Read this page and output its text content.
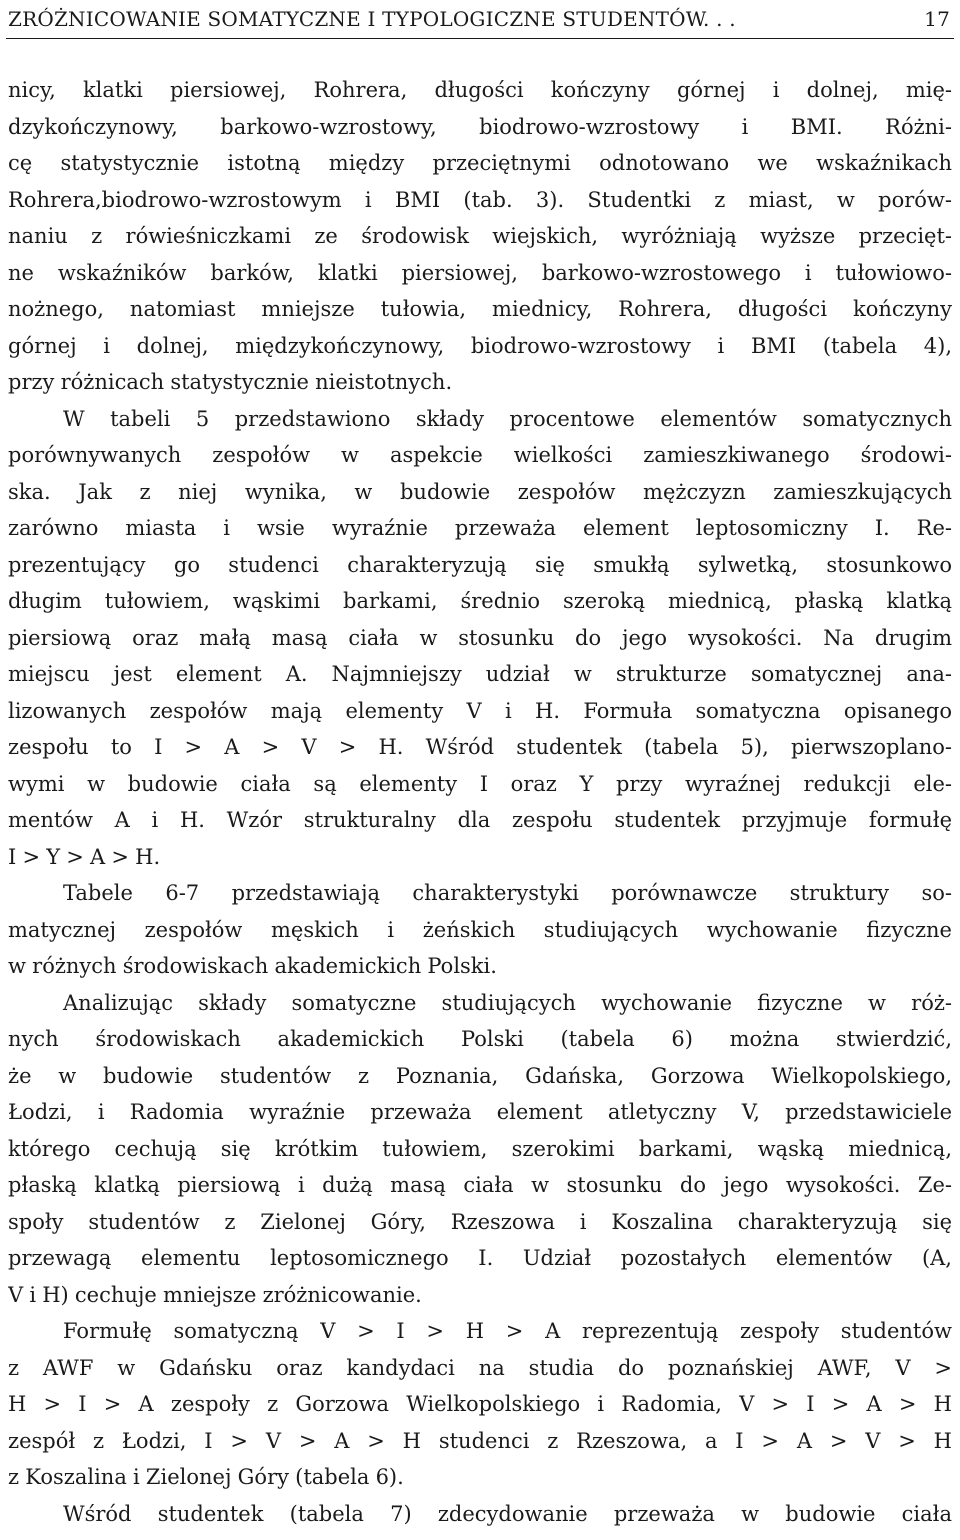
ZRÓŻNICOWANIE SOMATYCZNE I TYPOLOGICZNE STUDENTÓW. . .	17
nicy, klatki piersiowej, Rohrera, długości kończyny górnej i dolnej, mię-
dzykończynowy, barkowo-wzrostowy, biodrowo-wzrostowy i BMI. Różni-
cę statystycznie istotną między przeciętnymi odnotowano we wskaźnikach
Rohrera,biodrowo-wzrostowym i BMI (tab. 3). Studentki z miast, w porów-
naniu z rówieśniczkami ze środowisk wiejskich, wyróżniają wyższe przecięt-
ne wskaźników barków, klatki piersiowej, barkowo-wzrostowego i tułowiowo-
nożnego, natomiast mniejsze tułowia, miednicy, Rohrera, długości kończyny
górnej i dolnej, międzykończynowy, biodrowo-wzrostowy i BMI (tabela 4),
przy różnicach statystycznie nieistotnych.
W tabeli 5 przedstawiono składy procentowe elementów somatycznych
porównywanych zespołów w aspekcie wielkości zamieszkiwanego środowi-
ska. Jak z niej wynika, w budowie zespołów mężczyzn zamieszkujących
zarówno miasta i wsie wyraźnie przeważa element leptosomiczny I. Re-
prezentujący go studenci charakteryzują się smukłą sylwetką, stosunkowo
długim tułowiem, wąskimi barkami, średnio szeroką miednicą, płaską klatką
piersiową oraz małą masą ciała w stosunku do jego wysokości. Na drugim
miejscu jest element A. Najmniejszy udział w strukturze somatycznej ana-
lizowanych zespołów mają elementy V i H. Formuła somatyczna opisanego
zespołu to I > A > V > H. Wśród studentek (tabela 5), pierwszoplano-
wymi w budowie ciała są elementy I oraz Y przy wyraźnej redukcji ele-
mentów A i H. Wzór strukturalny dla zespołu studentek przyjmuje formułę
I > Y > A > H.
Tabele 6-7 przedstawiają charakterystyki porównawcze struktury so-
matycznej zespołów męskich i żeńskich studiujących wychowanie fizyczne
w różnych środowiskach akademickich Polski.
Analizując składy somatyczne studiujących wychowanie fizyczne w róż-
nych środowiskach akademickich Polski (tabela 6) można stwierdzić,
że w budowie studentów z Poznania, Gdańska, Gorzowa Wielkopolskiego,
Łodzi, i Radomia wyraźnie przeważa element atletyczny V, przedstawiciele
którego cechują się krótkim tułowiem, szerokimi barkami, wąską miednicą,
płaską klatką piersiową i dużą masą ciała w stosunku do jego wysokości. Ze-
społy studentów z Zielonej Góry, Rzeszowa i Koszalina charakteryzują się
przewagą elementu leptosomicznego I. Udział pozostałych elementów (A,
V i H) cechuje mniejsze zróżnicowanie.
Formułę somatyczną V > I > H > A reprezentują zespoły studentów
z AWF w Gdańsku oraz kandydaci na studia do poznańskiej AWF, V >
H > I > A zespoły z Gorzowa Wielkopolskiego i Radomia, V > I > A > H
zespół z Łodzi, I > V > A > H studenci z Rzeszowa, a I > A > V > H
z Koszalina i Zielonej Góry (tabela 6).
Wśród studentek (tabela 7) zdecydowanie przeważa w budowie ciała
